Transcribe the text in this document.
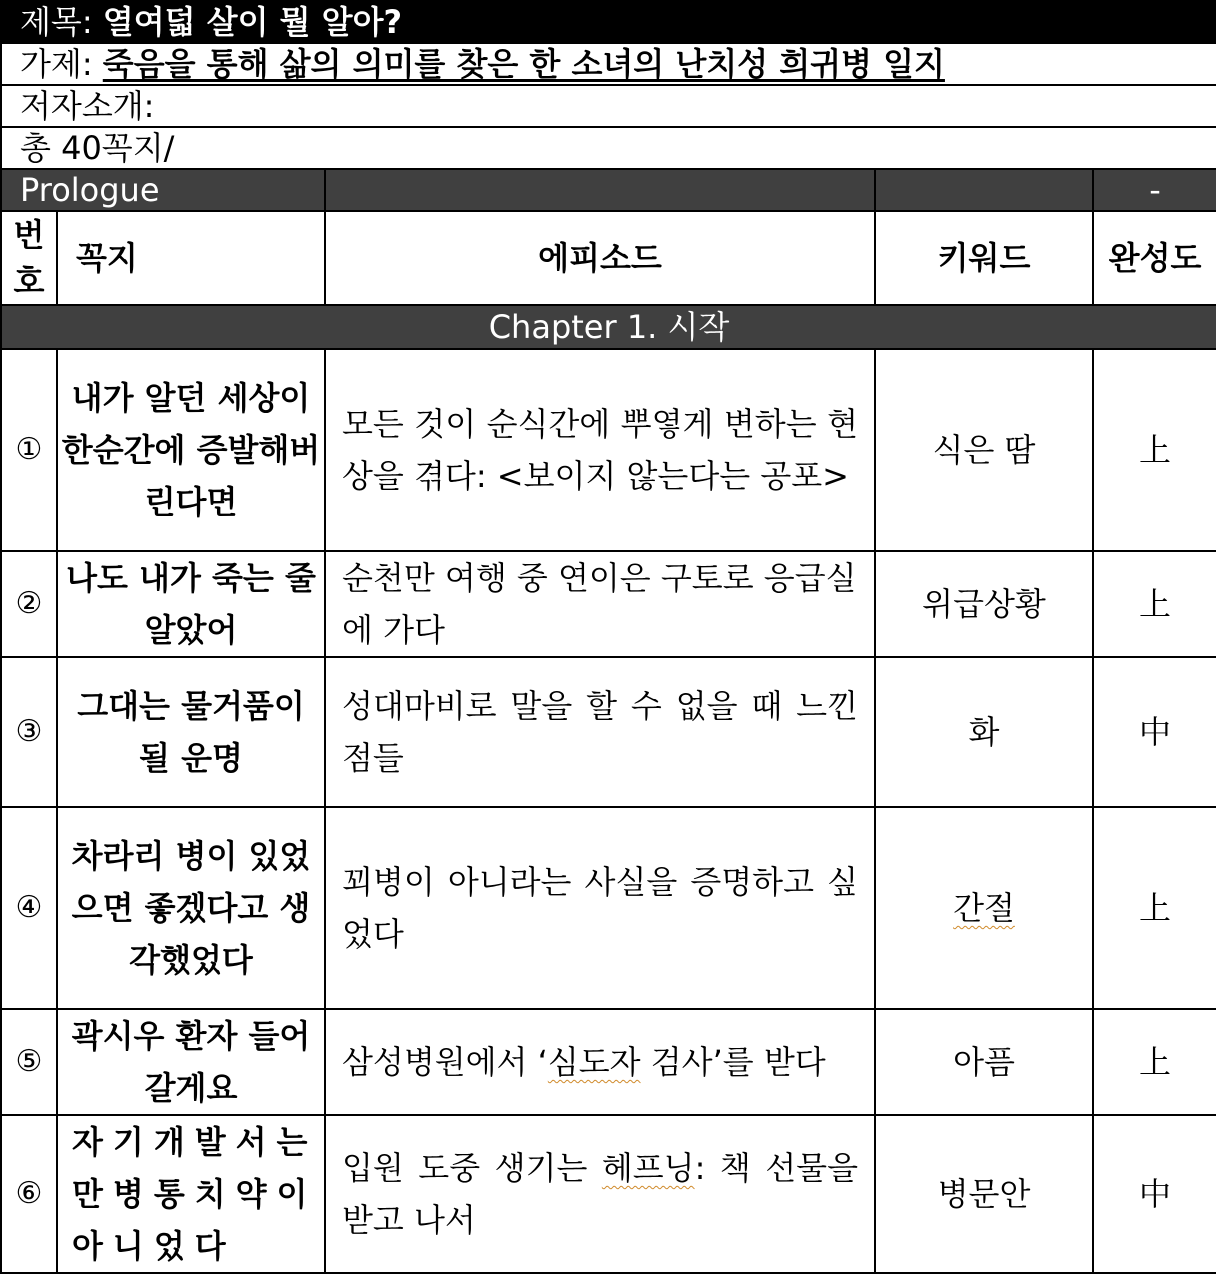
제목: 열여덟 살이 뭘 알아?				
가제: 죽음을 통해 삶의 의미를 찾은 한 소녀의 난치성 희귀병 일지				
저자소개:				
총 40꼭지/				
Prologue				-
번호	꼭지	에피소드	키워드	완성도
Chapter 1. 시작				
①	내가 알던 세상이 한순간에 증발해버린다면	모든 것이 순식간에 뿌옇게 변하는 현상을 겪다: <보이지 않는다는 공포>	식은 땀	上
②	나도 내가 죽는 줄 알았어	순천만 여행 중 연이은 구토로 응급실에 가다	위급상황	上
③	그대는 물거품이 될 운명	성대마비로 말을 할 수 없을 때 느낀 점들	화	中
④	차라리 병이 있었으면 좋겠다고 생각했었다	꾀병이 아니라는 사실을 증명하고 싶었다	간절	上
⑤	곽시우 환자 들어갈게요	삼성병원에서 ‘심도자 검사’를 받다	아픔	上
⑥	자기개발서는 만병통치약이 아니었다	입원 도중 생기는 헤프닝: 책 선물을 받고 나서	병문안	中
